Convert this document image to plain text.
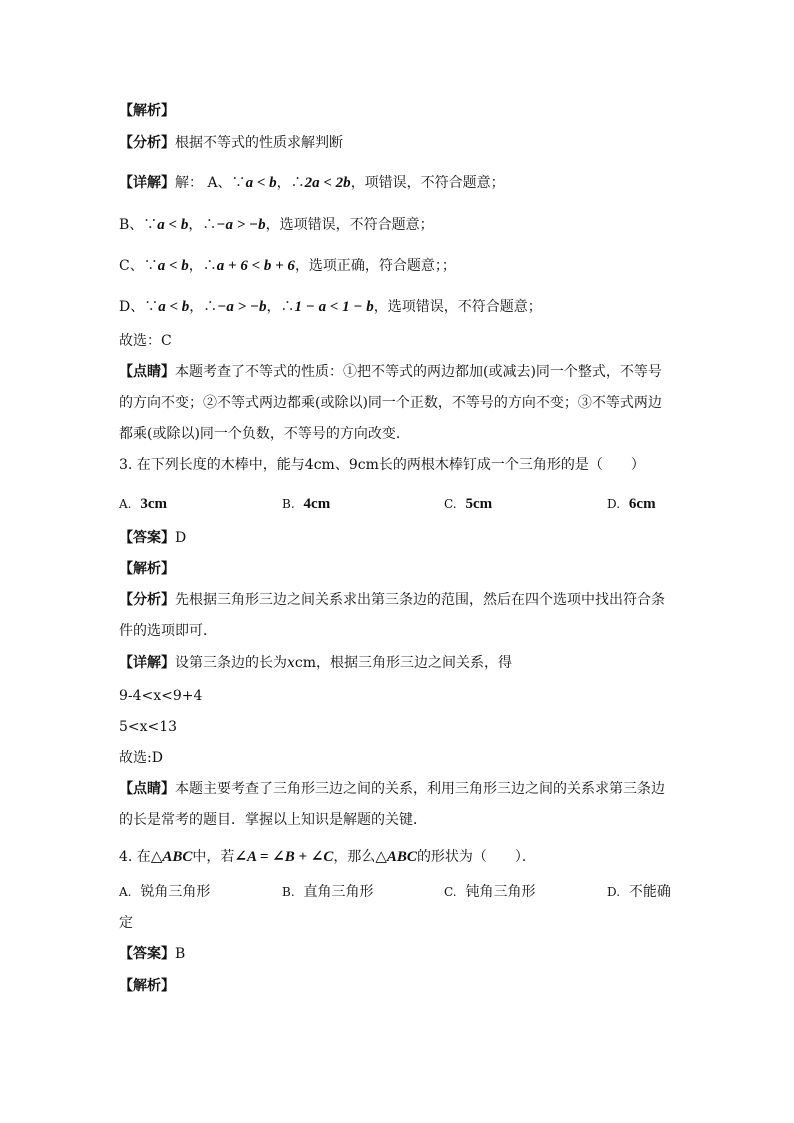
【解析】
【分析】根据不等式的性质求解判断
【详解】解： A、∵a < b，∴2a < 2b，项错误，不符合题意；
B、∵a < b，∴−a > −b，选项错误，不符合题意；
C、∵a < b，∴a + 6 < b + 6，选项正确，符合题意；；
D、∵a < b，∴−a > −b，∴1 − a < 1 − b，选项错误，不符合题意；
故选：C
【点睛】本题考查了不等式的性质：①把不等式的两边都加(或减去)同一个整式，不等号
的方向不变；②不等式两边都乘(或除以)同一个正数，不等号的方向不变；③不等式两边
都乘(或除以)同一个负数，不等号的方向改变．
3. 在下列长度的木棒中，能与4cm、9cm长的两根木棒钉成一个三角形的是（　　）
A. 3cm	B. 4cm	C. 5cm	D. 6cm
【答案】D
【解析】
【分析】先根据三角形三边之间关系求出第三条边的范围，然后在四个选项中找出符合条
件的选项即可．
【详解】设第三条边的长为xcm，根据三角形三边之间关系，得
9-4<x<9+4
5<x<13
故选:D
【点睛】本题主要考查了三角形三边之间的关系，利用三角形三边之间的关系求第三条边
的长是常考的题目．掌握以上知识是解题的关键．
4. 在△ABC中，若∠A = ∠B + ∠C，那么△ABC的形状为（　　）．
A. 锐角三角形	B. 直角三角形	C. 钝角三角形	D. 不能确
定
【答案】B
【解析】
